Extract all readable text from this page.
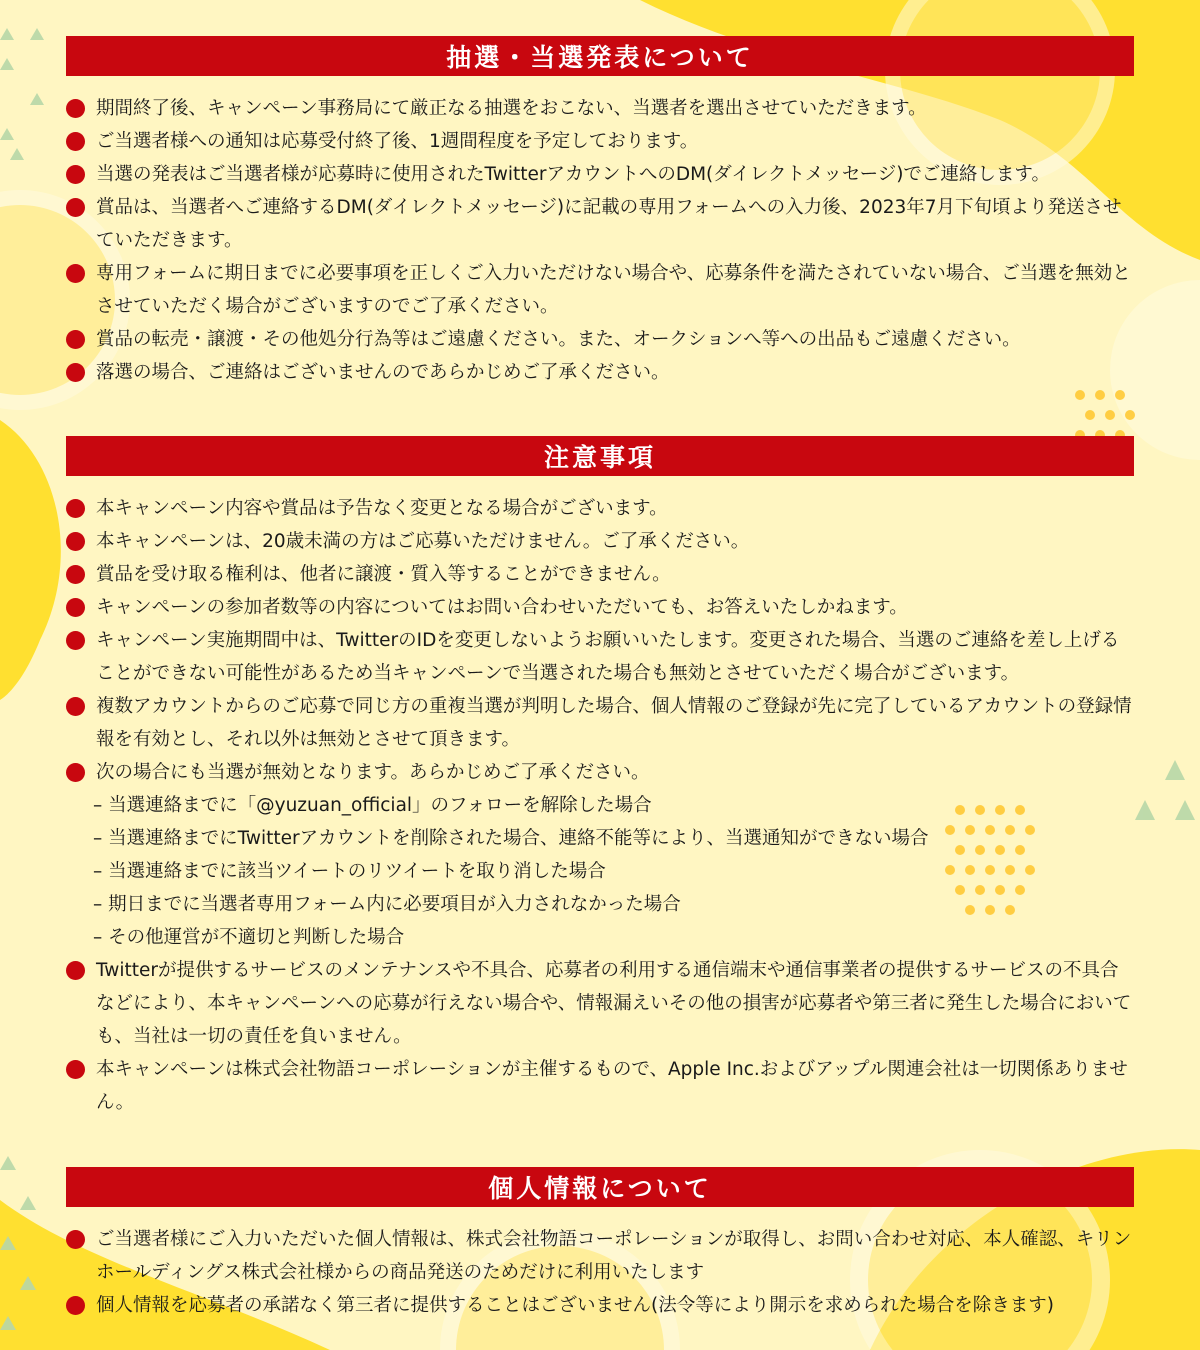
抽選・当選発表について
期間終了後、キャンペーン事務局にて厳正なる抽選をおこない、当選者を選出させていただきます。
ご当選者様への通知は応募受付終了後、1週間程度を予定しております。
当選の発表はご当選者様が応募時に使用されたTwitterアカウントへのDM(ダイレクトメッセージ)でご連絡します。
賞品は、当選者へご連絡するDM(ダイレクトメッセージ)に記載の専用フォームへの入力後、2023年7月下旬頃より発送させていただきます。
専用フォームに期日までに必要事項を正しくご入力いただけない場合や、応募条件を満たされていない場合、ご当選を無効とさせていただく場合がございますのでご了承ください。
賞品の転売・譲渡・その他処分行為等はご遠慮ください。また、オークションへ等への出品もご遠慮ください。
落選の場合、ご連絡はございませんのであらかじめご了承ください。
注意事項
本キャンペーン内容や賞品は予告なく変更となる場合がございます。
本キャンペーンは、20歳未満の方はご応募いただけません。ご了承ください。
賞品を受け取る権利は、他者に譲渡・質入等することができません。
キャンペーンの参加者数等の内容についてはお問い合わせいただいても、お答えいたしかねます。
キャンペーン実施期間中は、TwitterのIDを変更しないようお願いいたします。変更された場合、当選のご連絡を差し上げることができない可能性があるため当キャンペーンで当選された場合も無効とさせていただく場合がございます。
複数アカウントからのご応募で同じ方の重複当選が判明した場合、個人情報のご登録が先に完了しているアカウントの登録情報を有効とし、それ以外は無効とさせて頂きます。
次の場合にも当選が無効となります。あらかじめご了承ください。
– 当選連絡までに「@yuzuan_official」のフォローを解除した場合
– 当選連絡までにTwitterアカウントを削除された場合、連絡不能等により、当選通知ができない場合
– 当選連絡までに該当ツイートのリツイートを取り消した場合
– 期日までに当選者専用フォーム内に必要項目が入力されなかった場合
– その他運営が不適切と判断した場合
Twitterが提供するサービスのメンテナンスや不具合、応募者の利用する通信端末や通信事業者の提供するサービスの不具合などにより、本キャンペーンへの応募が行えない場合や、情報漏えいその他の損害が応募者や第三者に発生した場合においても、当社は一切の責任を負いません。
本キャンペーンは株式会社物語コーポレーションが主催するもので、Apple Inc.およびアップル関連会社は一切関係ありません。
個人情報について
ご当選者様にご入力いただいた個人情報は、株式会社物語コーポレーションが取得し、お問い合わせ対応、本人確認、キリンホールディングス株式会社様からの商品発送のためだけに利用いたします
個人情報を応募者の承諾なく第三者に提供することはございません(法令等により開示を求められた場合を除きます)
